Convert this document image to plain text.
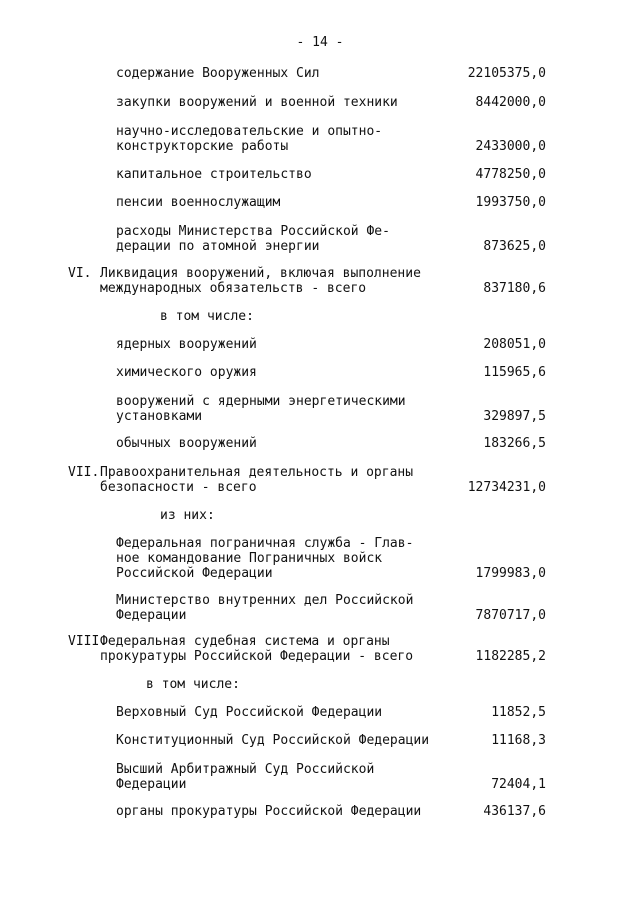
- 14 -
содержание Вооруженных Сил	22105375,0
закупки вооружений и военной техники	8442000,0
научно-исследовательские и опытно-
конструкторские работы	2433000,0
капитальное строительство	4778250,0
пенсии военнослужащим	1993750,0
расходы Министерства Российской Фе-
дерации по атомной энергии	873625,0
VI. Ликвидация вооружений, включая выполнение
международных обязательств - всего	837180,6
в том числе:
ядерных вооружений	208051,0
химического оружия	115965,6
вооружений с ядерными энергетическими
установками	329897,5
обычных вооружений	183266,5
VII. Правоохранительная деятельность и органы
безопасности - всего	12734231,0
из них:
Федеральная пограничная служба - Глав-
ное командование Пограничных войск
Российской Федерации	1799983,0
Министерство внутренних дел Российской
Федерации	7870717,0
VIII.
Федеральная судебная система и органы
прокуратуры Российской Федерации - всего	1182285,2
в том числе:
Верховный Суд Российской Федерации	11852,5
Конституционный Суд Российской Федерации	11168,3
Высший Арбитражный Суд Российской
Федерации	72404,1
органы прокуратуры Российской Федерации	436137,6
